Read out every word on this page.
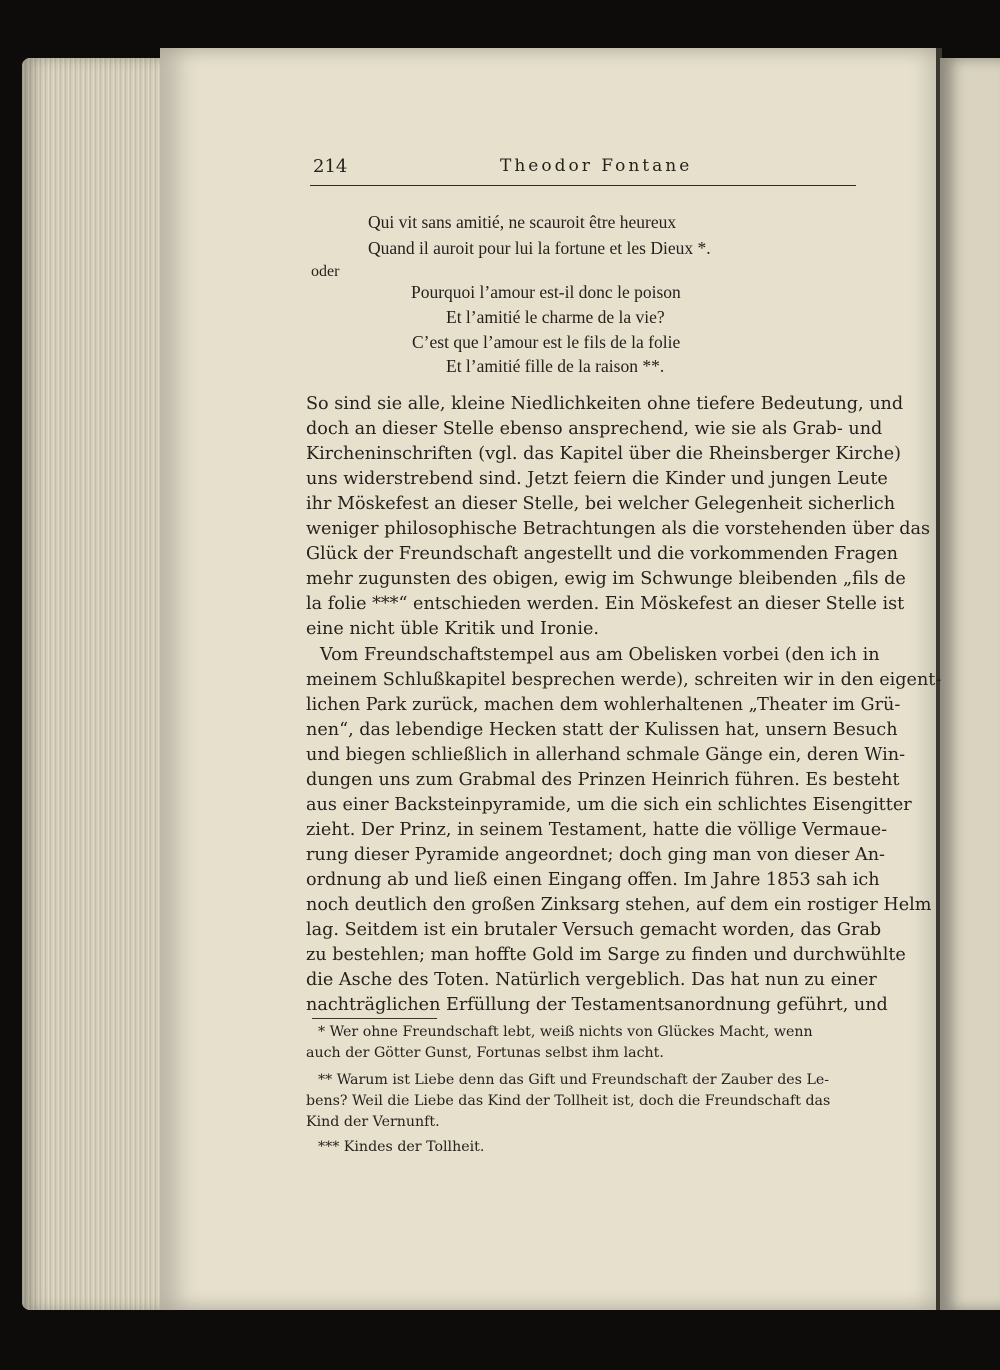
214	Theodor Fontane
Qui vit sans amitié, ne scauroit être heureux
Quand il auroit pour lui la fortune et les Dieux *.
oder
Pourquoi l’amour est-il donc le poison
Et l’amitié le charme de la vie?
C’est que l’amour est le fils de la folie
Et l’amitié fille de la raison **.
So sind sie alle, kleine Niedlichkeiten ohne tiefere Bedeutung, und
doch an dieser Stelle ebenso ansprechend, wie sie als Grab- und
Kircheninschriften (vgl. das Kapitel über die Rheinsberger Kirche)
uns widerstrebend sind. Jetzt feiern die Kinder und jungen Leute
ihr Möskefest an dieser Stelle, bei welcher Gelegenheit sicherlich
weniger philosophische Betrachtungen als die vorstehenden über das
Glück der Freundschaft angestellt und die vorkommenden Fragen
mehr zugunsten des obigen, ewig im Schwunge bleibenden „fils de
la folie ***“ entschieden werden. Ein Möskefest an dieser Stelle ist
eine nicht üble Kritik und Ironie.
Vom Freundschaftstempel aus am Obelisken vorbei (den ich in
meinem Schlußkapitel besprechen werde), schreiten wir in den eigent-
lichen Park zurück, machen dem wohlerhaltenen „Theater im Grü-
nen“, das lebendige Hecken statt der Kulissen hat, unsern Besuch
und biegen schließlich in allerhand schmale Gänge ein, deren Win-
dungen uns zum Grabmal des Prinzen Heinrich führen. Es besteht
aus einer Backsteinpyramide, um die sich ein schlichtes Eisengitter
zieht. Der Prinz, in seinem Testament, hatte die völlige Vermaue-
rung dieser Pyramide angeordnet; doch ging man von dieser An-
ordnung ab und ließ einen Eingang offen. Im Jahre 1853 sah ich
noch deutlich den großen Zinksarg stehen, auf dem ein rostiger Helm
lag. Seitdem ist ein brutaler Versuch gemacht worden, das Grab
zu bestehlen; man hoffte Gold im Sarge zu finden und durchwühlte
die Asche des Toten. Natürlich vergeblich. Das hat nun zu einer
nachträglichen Erfüllung der Testamentsanordnung geführt, und
* Wer ohne Freundschaft lebt, weiß nichts von Glückes Macht, wenn
auch der Götter Gunst, Fortunas selbst ihm lacht.
** Warum ist Liebe denn das Gift und Freundschaft der Zauber des Le-
bens? Weil die Liebe das Kind der Tollheit ist, doch die Freundschaft das
Kind der Vernunft.
*** Kindes der Tollheit.
